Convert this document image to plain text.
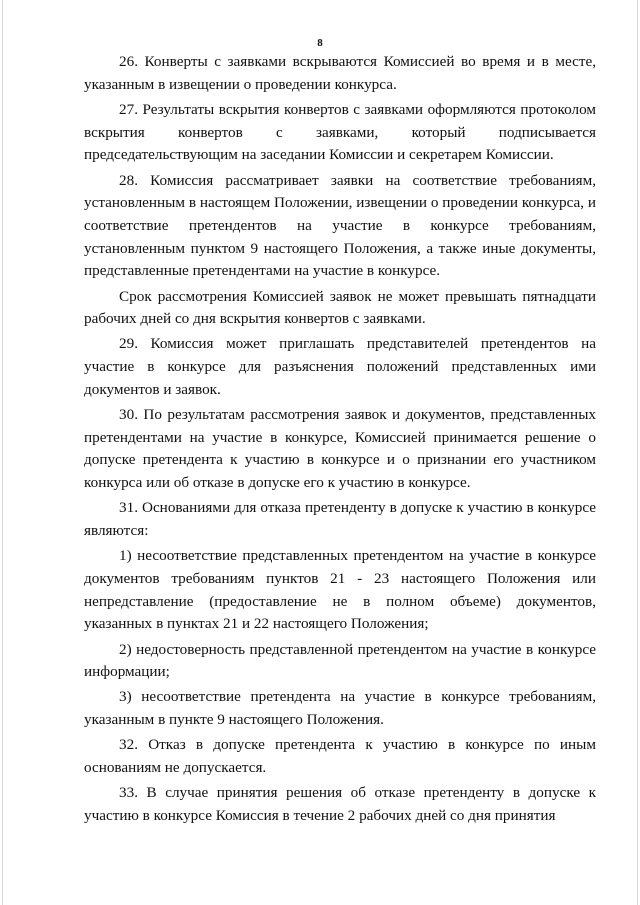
8

26. Конверты с заявками вскрываются Комиссией во время и в месте, указанным в извещении о проведении конкурса.

27. Результаты вскрытия конвертов с заявками оформляются протоколом вскрытия конвертов с заявками, который подписывается председательствующим на заседании Комиссии и секретарем Комиссии.

28. Комиссия рассматривает заявки на соответствие требованиям, установленным в настоящем Положении, извещении о проведении конкурса, и соответствие претендентов на участие в конкурсе требованиям, установленным пунктом 9 настоящего Положения, а также иные документы, представленные претендентами на участие в конкурсе.

Срок рассмотрения Комиссией заявок не может превышать пятнадцати рабочих дней со дня вскрытия конвертов с заявками.

29. Комиссия может приглашать представителей претендентов на участие в конкурсе для разъяснения положений представленных ими документов и заявок.

30. По результатам рассмотрения заявок и документов, представленных претендентами на участие в конкурсе, Комиссией принимается решение о допуске претендента к участию в конкурсе и о признании его участником конкурса или об отказе в допуске его к участию в конкурсе.

31. Основаниями для отказа претенденту в допуске к участию в конкурсе являются:

1) несоответствие представленных претендентом на участие в конкурсе документов требованиям пунктов 21 - 23 настоящего Положения или непредставление (предоставление не в полном объеме) документов, указанных в пунктах 21 и 22 настоящего Положения;

2) недостоверность представленной претендентом на участие в конкурсе информации;

3) несоответствие претендента на участие в конкурсе требованиям, указанным в пункте 9 настоящего Положения.

32. Отказ в допуске претендента к участию в конкурсе по иным основаниям не допускается.

33. В случае принятия решения об отказе претенденту в допуске к участию в конкурсе Комиссия в течение 2 рабочих дней со дня принятия
